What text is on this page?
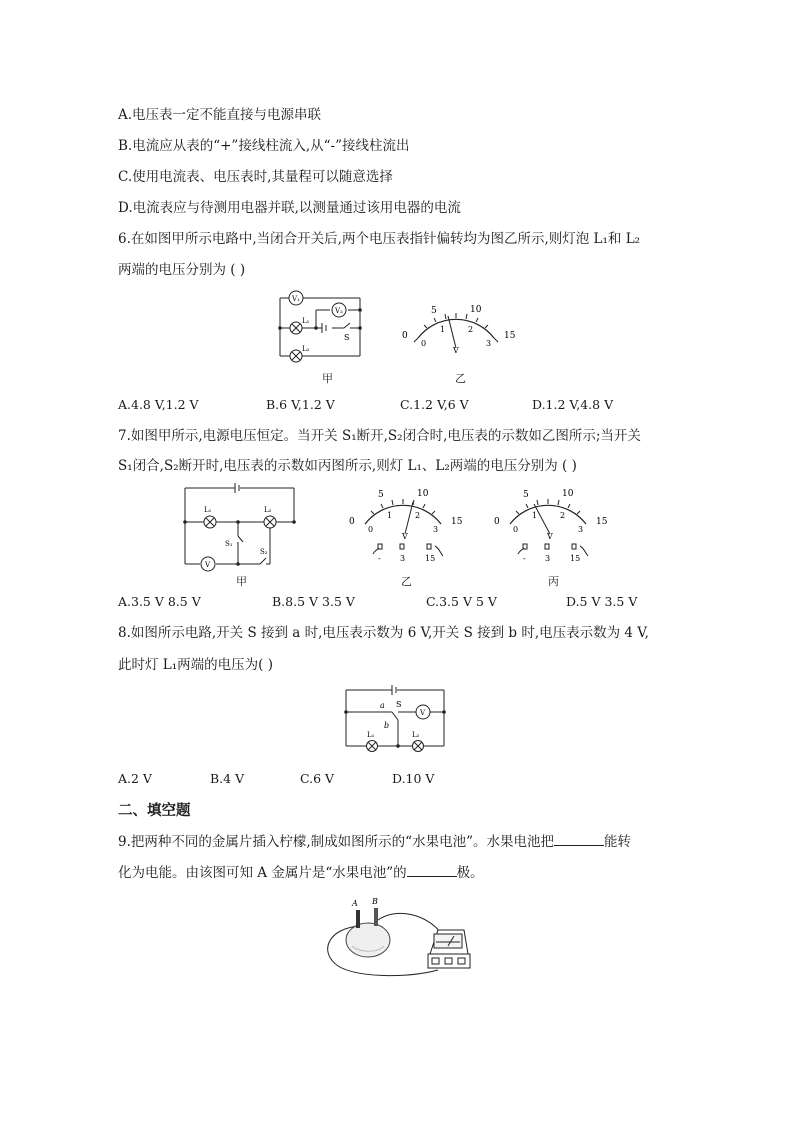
A.电压表一定不能直接与电源串联
B.电流应从表的“+”接线柱流入,从“-”接线柱流出
C.使用电流表、电压表时,其量程可以随意选择
D.电流表应与待测用电器并联,以测量通过该用电器的电流
6.在如图甲所示电路中,当闭合开关后,两个电压表指针偏转均为图乙所示,则灯泡 L₁和 L₂
两端的电压分别为 ( )
V₁
V₂
L₁
L₂
S
甲
5	10
0
0
1	2
3
15
V
乙
A.4.8 V,1.2 V	B.6 V,1.2 V	C.1.2 V,6 V	D.1.2 V,4.8 V
7.如图甲所示,电源电压恒定。当开关 S₁断开,S₂闭合时,电压表的示数如乙图所示;当开关
S₁闭合,S₂断开时,电压表的示数如丙图所示,则灯 L₁、L₂两端的电压分别为 ( )
L₁	L₂
S₁
S₂
V
甲
5	10
0
0
1	2
3
15
V
- 3 15
乙
5	10
0
0
1	2
3
15
V
- 3 15
丙
A.3.5 V 8.5 V	B.8.5 V 3.5 V	C.3.5 V 5 V	D.5 V 3.5 V
8.如图所示电路,开关 S 接到 a 时,电压表示数为 6 V,开关 S 接到 b 时,电压表示数为 4 V,
此时灯 L₁两端的电压为( )
a S
V
b
L₁	L₂
A.2 V	B.4 V	C.6 V	D.10 V
二、填空题
9.把两种不同的金属片插入柠檬,制成如图所示的“水果电池”。水果电池把	能转
化为电能。由该图可知 A 金属片是“水果电池”的	极。
A B
